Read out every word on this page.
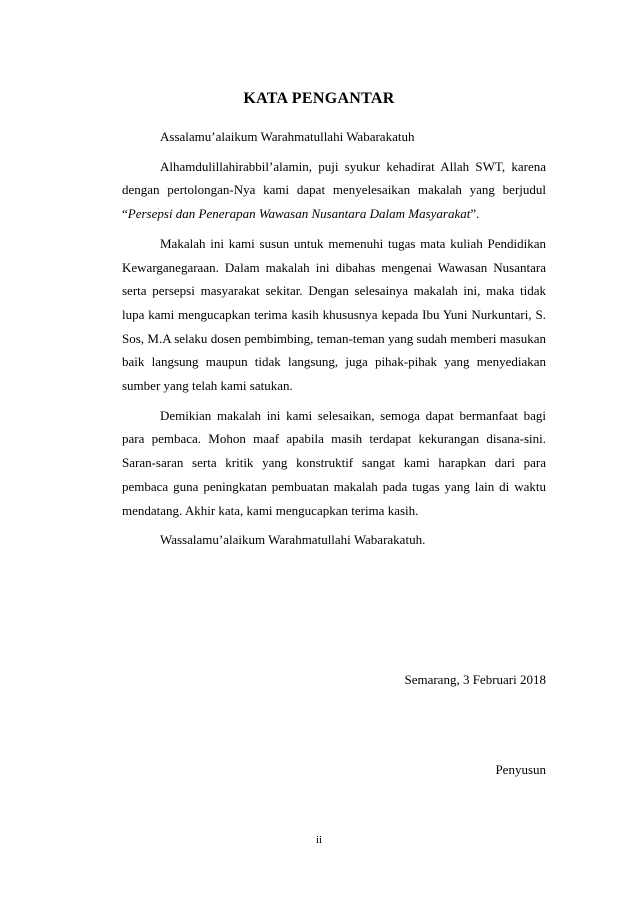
KATA PENGANTAR

Assalamu’alaikum Warahmatullahi Wabarakatuh

Alhamdulillahirabbil’alamin, puji syukur kehadirat Allah SWT, karena dengan pertolongan-Nya kami dapat menyelesaikan makalah yang berjudul “Persepsi dan Penerapan Wawasan Nusantara Dalam Masyarakat”.

Makalah ini kami susun untuk memenuhi tugas mata kuliah Pendidikan Kewarganegaraan. Dalam makalah ini dibahas mengenai Wawasan Nusantara serta persepsi masyarakat sekitar. Dengan selesainya makalah ini, maka tidak lupa kami mengucapkan terima kasih khususnya kepada Ibu Yuni Nurkuntari, S. Sos, M.A selaku dosen pembimbing, teman-teman yang sudah memberi masukan baik langsung maupun tidak langsung, juga pihak-pihak yang menyediakan sumber yang telah kami satukan.

Demikian makalah ini kami selesaikan, semoga dapat bermanfaat bagi para pembaca. Mohon maaf apabila masih terdapat kekurangan disana-sini. Saran-saran serta kritik yang konstruktif sangat kami harapkan dari para pembaca guna peningkatan pembuatan makalah pada tugas yang lain di waktu mendatang. Akhir kata, kami mengucapkan terima kasih.

Wassalamu’alaikum Warahmatullahi Wabarakatuh.

Semarang, 3 Februari 2018

Penyusun

ii
